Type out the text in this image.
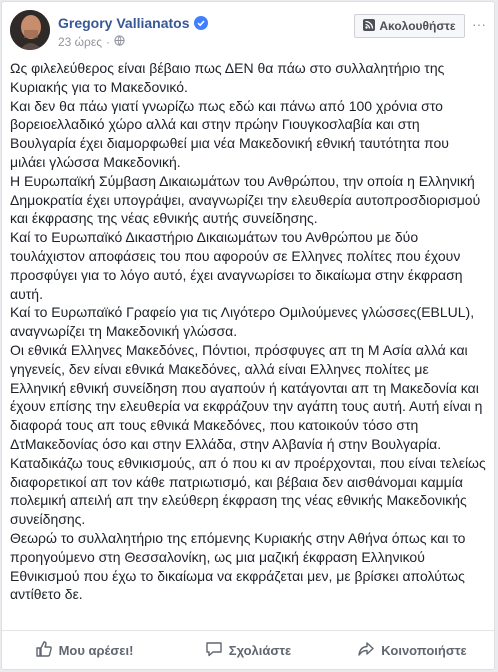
Gregory Vallianatos
23 ώρες ·
Ακολουθήστε ···

Ως φιλελεύθερος είναι βέβαιο πως ΔΕΝ θα πάω στο συλλαλητήριο της Κυριακής για το Μακεδονικό.

Και δεν θα πάω γιατί γνωρίζω πως εδώ και πάνω από 100 χρόνια στο βορειοελλαδικό χώρο αλλά και στην πρώην Γιουγκοσλαβία και στη Βουλγαρία έχει διαμορφωθεί μια νέα Μακεδονική εθνική ταυτότητα που μιλάει γλώσσα Μακεδονική.

Η Ευρωπαϊκή Σύμβαση Δικαιωμάτων του Ανθρώπου, την οποία η Ελληνική Δημοκρατία έχει υπογράψει, αναγνωρίζει την ελευθερία αυτοπροσδιορισμού και έκφρασης της νέας εθνικής αυτής συνείδησης.

Καί το Ευρωπαϊκό Δικαστήριο Δικαιωμάτων του Ανθρώπου με δύο τουλάχιστον αποφάσεις του που αφορούν σε Ελληνες πολίτες που έχουν προσφύγει για το λόγο αυτό, έχει αναγνωρίσει το δικαίωμα στην έκφραση αυτή.

Καί το Ευρωπαϊκό Γραφείο για τις Λιγότερο Ομιλούμενες γλώσσες(EBLUL), αναγνωρίζει τη Μακεδονική γλώσσα.

Οι εθνικά Ελληνες Μακεδόνες, Πόντιοι, πρόσφυγες απ τη Μ Ασία αλλά και γηγενείς, δεν είναι εθνικά Μακεδόνες, αλλά είναι Ελληνες πολίτες με Ελληνική εθνική συνείδηση που αγαπούν ή κατάγονται απ τη Μακεδονία και έχουν επίσης την ελευθερία να εκφράζουν την αγάπη τους αυτή. Αυτή είναι η διαφορά τους απ τους εθνικά Μακεδόνες, που κατοικούν τόσο στη ΔτΜακεδονίας όσο και στην Ελλάδα, στην Αλβανία ή στην Βουλγαρία.

Καταδικάζω τους εθνικισμούς, απ ό που κι αν προέρχονται, που είναι τελείως διαφορετικοί απ τον κάθε πατριωτισμό, και βέβαια δεν αισθάνομαι καμμία πολεμική απειλή απ την ελεύθερη έκφραση της νέας εθνικής Μακεδονικής συνείδησης.

Θεωρώ το συλλαλητήριο της επόμενης Κυριακής στην Αθήνα όπως και το προηγούμενο στη Θεσσαλονίκη, ως μια μαζική έκφραση Ελληνικού Εθνικισμού που έχω το δικαίωμα να εκφράζεται μεν, με βρίσκει απολύτως αντίθετο δε.

Μου αρέσει!	Σχολιάστε	Κοινοποιήστε
